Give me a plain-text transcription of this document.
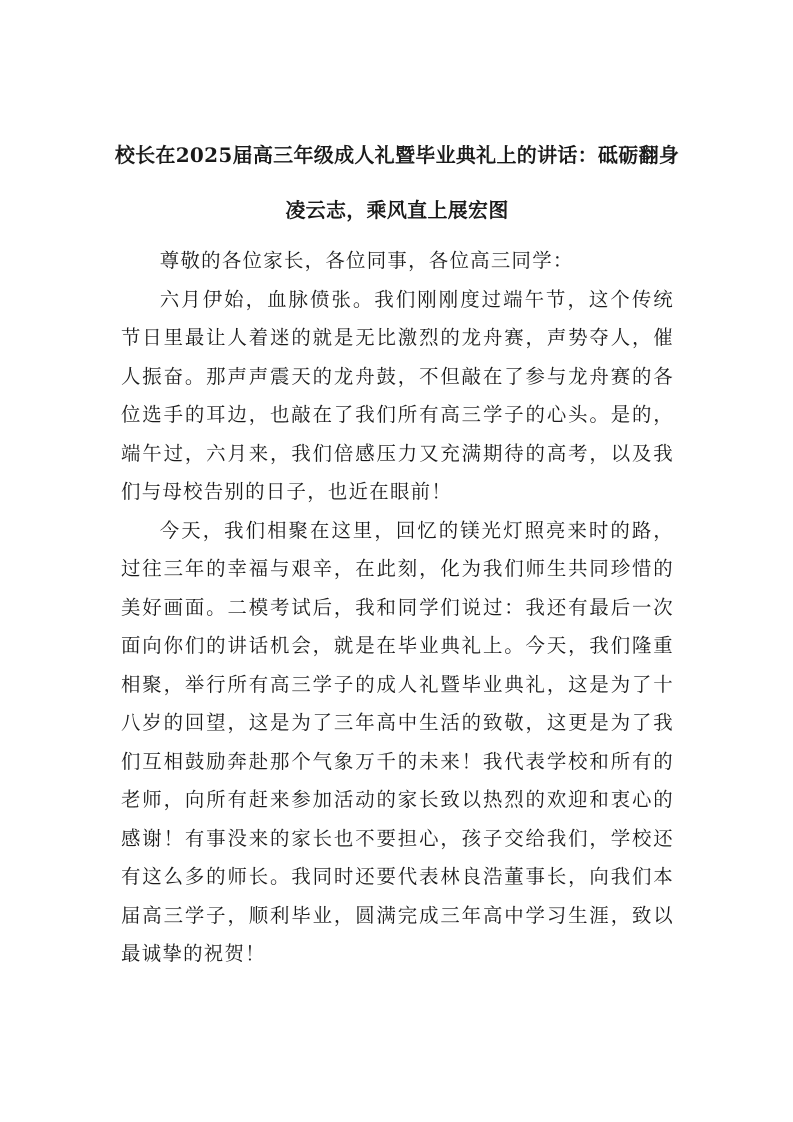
校长在2025届高三年级成人礼暨毕业典礼上的讲话：砥砺翻身凌云志，乘风直上展宏图

尊敬的各位家长，各位同事，各位高三同学：

六月伊始，血脉偾张。我们刚刚度过端午节，这个传统节日里最让人着迷的就是无比激烈的龙舟赛，声势夺人，催人振奋。那声声震天的龙舟鼓，不但敲在了参与龙舟赛的各位选手的耳边，也敲在了我们所有高三学子的心头。是的，端午过，六月来，我们倍感压力又充满期待的高考，以及我们与母校告别的日子，也近在眼前！

今天，我们相聚在这里，回忆的镁光灯照亮来时的路，过往三年的幸福与艰辛，在此刻，化为我们师生共同珍惜的美好画面。二模考试后，我和同学们说过：我还有最后一次面向你们的讲话机会，就是在毕业典礼上。今天，我们隆重相聚，举行所有高三学子的成人礼暨毕业典礼，这是为了十八岁的回望，这是为了三年高中生活的致敬，这更是为了我们互相鼓励奔赴那个气象万千的未来！我代表学校和所有的老师，向所有赶来参加活动的家长致以热烈的欢迎和衷心的感谢！有事没来的家长也不要担心，孩子交给我们，学校还有这么多的师长。我同时还要代表林良浩董事长，向我们本届高三学子，顺利毕业，圆满完成三年高中学习生涯，致以最诚挚的祝贺！
